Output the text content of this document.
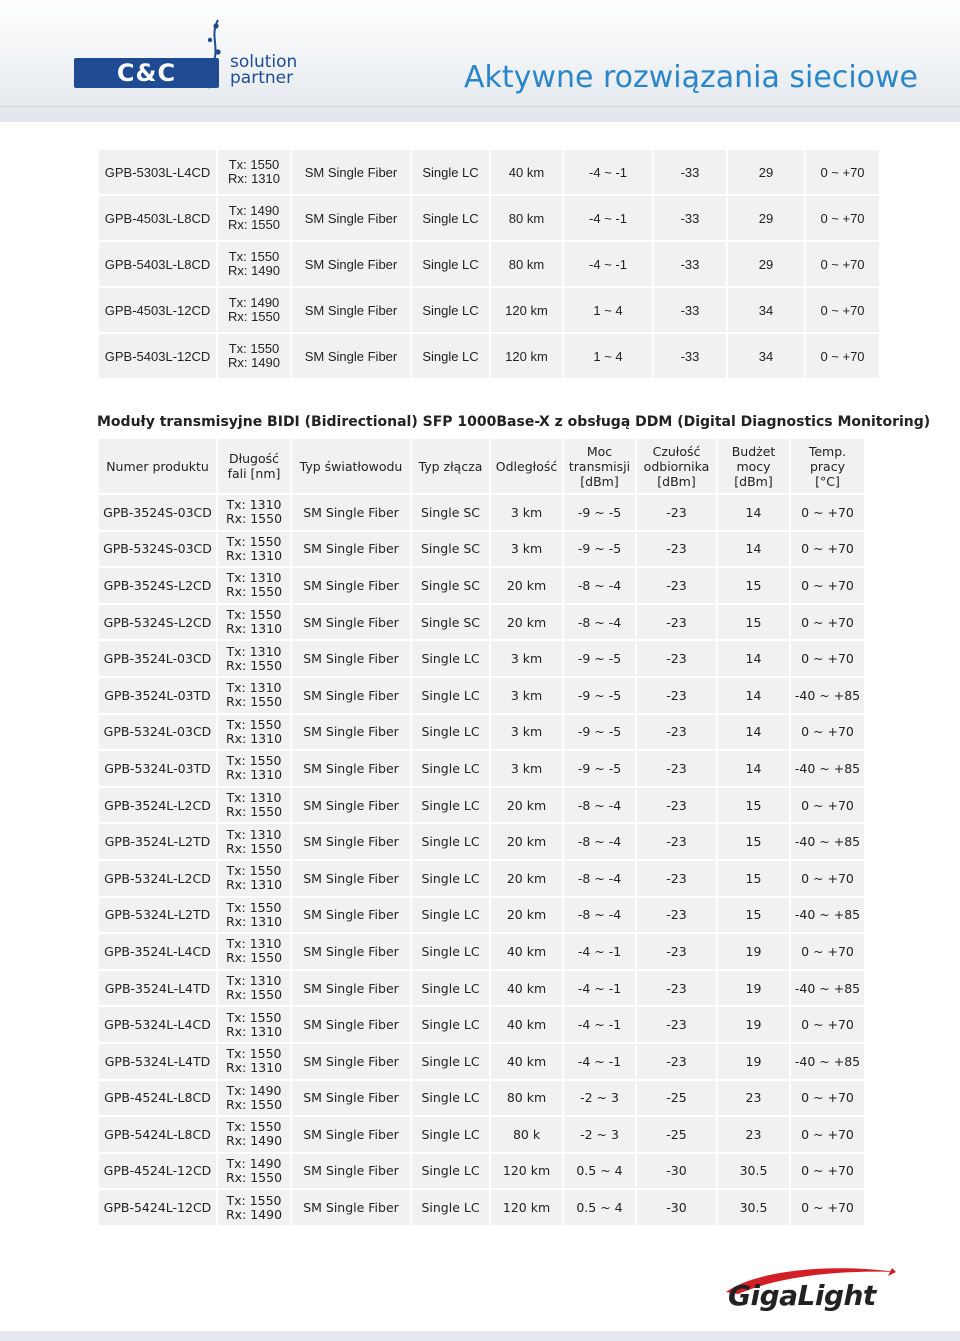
C&C	solution
partner	Aktywne rozwiązania sieciowe
GPB-5303L-L4CD	Tx: 1550
Rx: 1310	SM Single Fiber	Single LC	40 km	-4 ~ -1	-33	29	0 ~ +70
GPB-4503L-L8CD	Tx: 1490
Rx: 1550	SM Single Fiber	Single LC	80 km	-4 ~ -1	-33	29	0 ~ +70
GPB-5403L-L8CD	Tx: 1550
Rx: 1490	SM Single Fiber	Single LC	80 km	-4 ~ -1	-33	29	0 ~ +70
GPB-4503L-12CD	Tx: 1490
Rx: 1550	SM Single Fiber	Single LC	120 km	1 ~ 4	-33	34	0 ~ +70
GPB-5403L-12CD	Tx: 1550
Rx: 1490	SM Single Fiber	Single LC	120 km	1 ~ 4	-33	34	0 ~ +70
Moduły transmisyjne BIDI (Bidirectional) SFP 1000Base-X z obsługą DDM (Digital Diagnostics Monitoring)
Numer produktu	Długość
fali [nm]	Typ światłowodu	Typ złącza	Odległość	Moc
transmisji
[dBm]	Czułość
odbiornika
[dBm]	Budżet
mocy
[dBm]	Temp.
pracy
[°C]

GPB-3524S-03CD	Tx: 1310
Rx: 1550	SM Single Fiber	Single SC	3 km	-9 ~ -5	-23	14	0 ~ +70
GPB-5324S-03CD	Tx: 1550
Rx: 1310	SM Single Fiber	Single SC	3 km	-9 ~ -5	-23	14	0 ~ +70
GPB-3524S-L2CD	Tx: 1310
Rx: 1550	SM Single Fiber	Single SC	20 km	-8 ~ -4	-23	15	0 ~ +70
GPB-5324S-L2CD	Tx: 1550
Rx: 1310	SM Single Fiber	Single SC	20 km	-8 ~ -4	-23	15	0 ~ +70
GPB-3524L-03CD	Tx: 1310
Rx: 1550	SM Single Fiber	Single LC	3 km	-9 ~ -5	-23	14	0 ~ +70
GPB-3524L-03TD	Tx: 1310
Rx: 1550	SM Single Fiber	Single LC	3 km	-9 ~ -5	-23	14	-40 ~ +85
GPB-5324L-03CD	Tx: 1550
Rx: 1310	SM Single Fiber	Single LC	3 km	-9 ~ -5	-23	14	0 ~ +70
GPB-5324L-03TD	Tx: 1550
Rx: 1310	SM Single Fiber	Single LC	3 km	-9 ~ -5	-23	14	-40 ~ +85
GPB-3524L-L2CD	Tx: 1310
Rx: 1550	SM Single Fiber	Single LC	20 km	-8 ~ -4	-23	15	0 ~ +70
GPB-3524L-L2TD	Tx: 1310
Rx: 1550	SM Single Fiber	Single LC	20 km	-8 ~ -4	-23	15	-40 ~ +85
GPB-5324L-L2CD	Tx: 1550
Rx: 1310	SM Single Fiber	Single LC	20 km	-8 ~ -4	-23	15	0 ~ +70
GPB-5324L-L2TD	Tx: 1550
Rx: 1310	SM Single Fiber	Single LC	20 km	-8 ~ -4	-23	15	-40 ~ +85
GPB-3524L-L4CD	Tx: 1310
Rx: 1550	SM Single Fiber	Single LC	40 km	-4 ~ -1	-23	19	0 ~ +70
GPB-3524L-L4TD	Tx: 1310
Rx: 1550	SM Single Fiber	Single LC	40 km	-4 ~ -1	-23	19	-40 ~ +85
GPB-5324L-L4CD	Tx: 1550
Rx: 1310	SM Single Fiber	Single LC	40 km	-4 ~ -1	-23	19	0 ~ +70
GPB-5324L-L4TD	Tx: 1550
Rx: 1310	SM Single Fiber	Single LC	40 km	-4 ~ -1	-23	19	-40 ~ +85
GPB-4524L-L8CD	Tx: 1490
Rx: 1550	SM Single Fiber	Single LC	80 km	-2 ~ 3	-25	23	0 ~ +70
GPB-5424L-L8CD	Tx: 1550
Rx: 1490	SM Single Fiber	Single LC	80 k	-2 ~ 3	-25	23	0 ~ +70
GPB-4524L-12CD	Tx: 1490
Rx: 1550	SM Single Fiber	Single LC	120 km	0.5 ~ 4	-30	30.5	0 ~ +70
GPB-5424L-12CD	Tx: 1550
Rx: 1490	SM Single Fiber	Single LC	120 km	0.5 ~ 4	-30	30.5	0 ~ +70
GigaLight
